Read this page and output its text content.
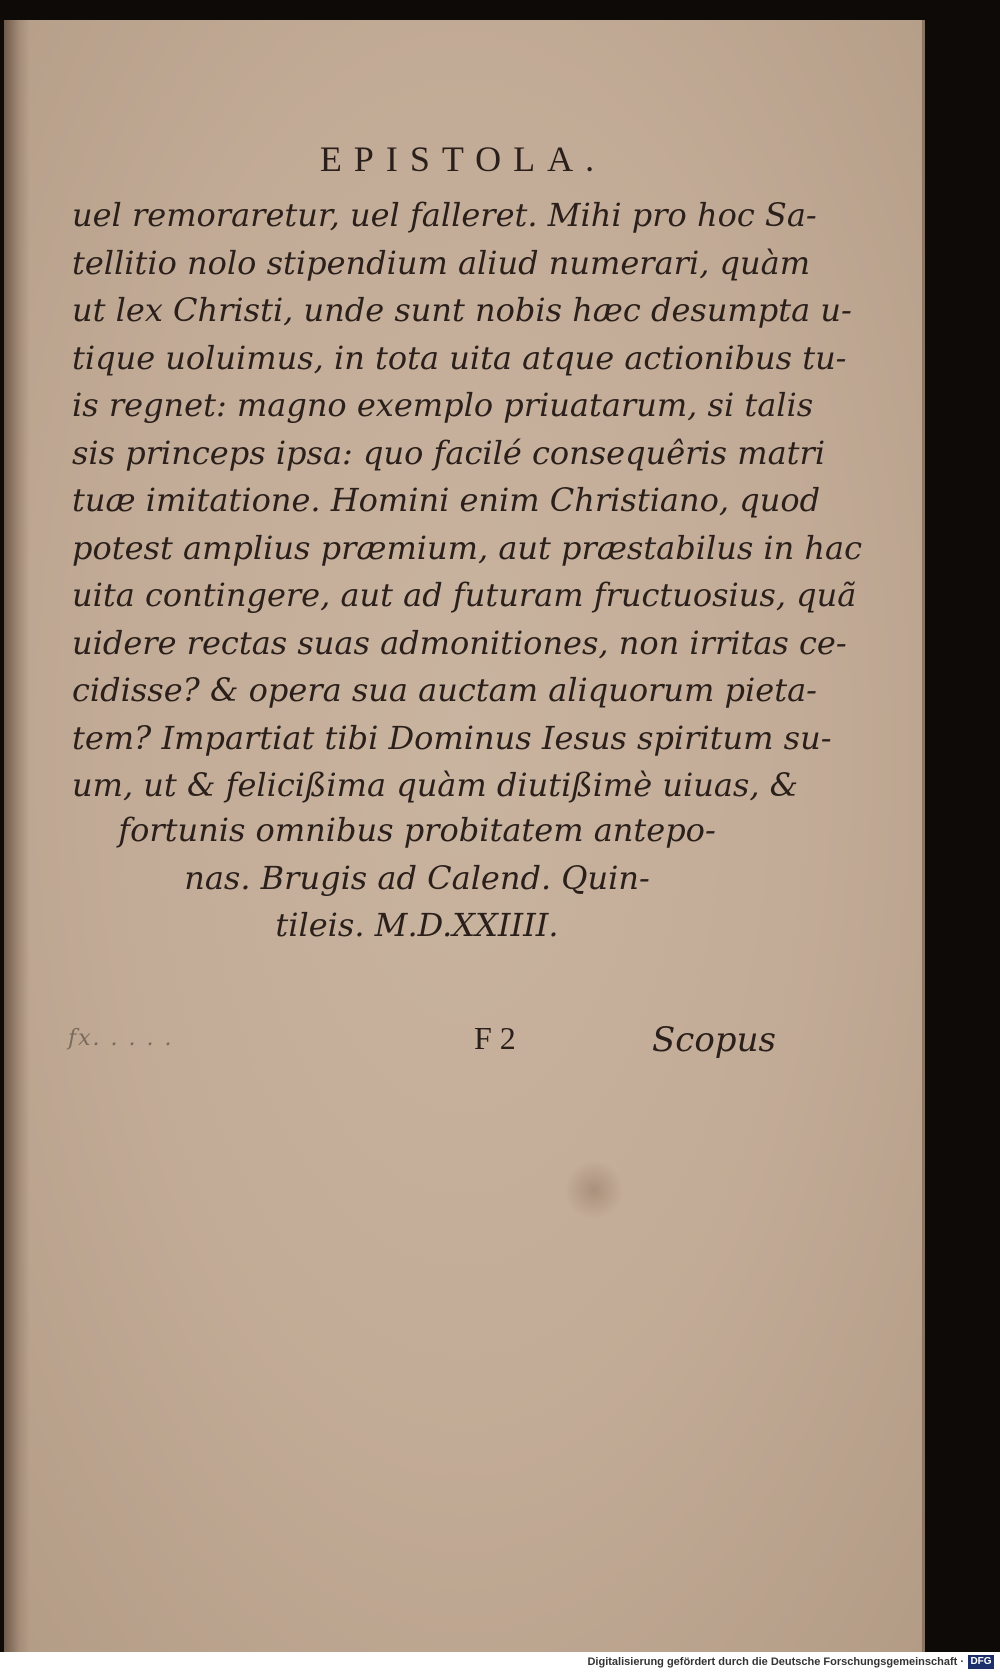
EPISTOLA.
uel remoraretur, uel falleret. Mihi pro hoc Sa-
tellitio nolo stipendium aliud numerari, quàm
ut lex Christi, unde sunt nobis hæc desumpta u-
tique uoluimus, in tota uita atque actionibus tu-
is regnet: magno exemplo priuatarum, si talis
sis princeps ipsa: quo facilé consequêris matri
tuæ imitatione. Homini enim Christiano, quod
potest amplius præmium, aut præstabilus in hac
uita contingere, aut ad futuram fructuosius, quã
uidere rectas suas admonitiones, non irritas ce-
cidisse? & opera sua auctam aliquorum pieta-
tem? Impartiat tibi Dominus Iesus spiritum su-
um, ut & felicißima quàm diutißimè uiuas, &
fortunis omnibus probitatem antepo-
nas. Brugis ad Calend. Quin-
tileis. M.D.XXIIII.
fx. . . . .	F 2	Scopus
Digitalisierung gefördert durch die Deutsche Forschungsgemeinschaft · DFG
